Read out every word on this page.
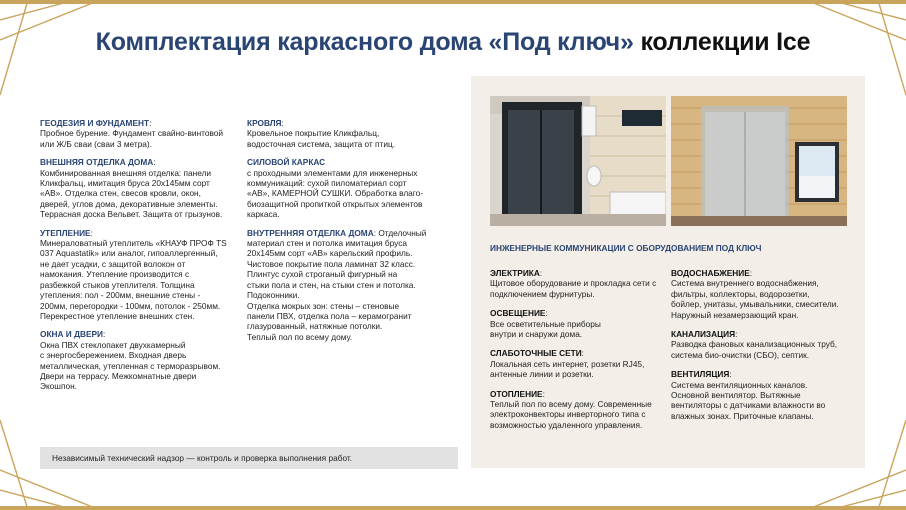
Комплектация каркасного дома «Под ключ» коллекции Ice
ГЕОДЕЗИЯ И ФУНДАМЕНТ:
Пробное бурение. Фундамент свайно-винтовой
или Ж/Б сваи (сваи 3 метра).
ВНЕШНЯЯ ОТДЕЛКА ДОМА:
Комбинированная внешняя отделка: панели
Кликфальц, имитация бруса 20х145мм сорт
«АВ». Отделка стен, свесов кровли, окон,
дверей, углов дома, декоративные элементы.
Террасная доска Вельвет. Защита от грызунов.
УТЕПЛЕНИЕ:
Минераловатный утеплитель «КНАУФ ПРОФ TS
037 Aquastatik» или аналог, гипоаллергенный,
не дает усадки, с защитой волокон от
намокания. Утепление производится с
разбежкой стыков утеплителя. Толщина
утепления: пол - 200мм, внешние стены -
200мм, перегородки - 100мм, потолок - 250мм.
Перекрестное утепление внешних стен.
ОКНА И ДВЕРИ:
Окна ПВХ стеклопакет двухкамерный
с энергосбережением. Входная дверь
металлическая, утепленная с терморазрывом.
Двери на террасу. Межкомнатные двери
Экошпон.
КРОВЛЯ:
Кровельное покрытие Кликфальц,
водосточная система, защита от птиц.
СИЛОВОЙ КАРКАС
с проходными элементами для инженерных
коммуникаций: сухой пиломатериал сорт
«АВ», КАМЕРНОЙ СУШКИ. Обработка влаго-
биозащитной пропиткой открытых элементов
каркаса.
ВНУТРЕННЯЯ ОТДЕЛКА ДОМА: Отделочный
материал стен и потолка имитация бруса
20х145мм сорт «АВ» карельский профиль.
Чистовое покрытие пола ламинат 32 класс.
Плинтус сухой строганый фигурный на
стыки пола и стен, на стыки стен и потолка.
Подоконники.
Отделка мокрых зон: стены – стеновые
панели ПВХ, отделка пола – керамогранит
глазурованный, натяжные потолки.
Теплый пол по всему дому.
Независимый технический надзор — контроль и проверка выполнения работ.
ИНЖЕНЕРНЫЕ КОММУНИКАЦИИ С ОБОРУДОВАНИЕМ ПОД КЛЮЧ
ЭЛЕКТРИКА:
Щитовое оборудование и прокладка сети с
подключением фурнитуры.
ОСВЕЩЕНИЕ:
Все осветительные приборы
внутри и снаружи дома.
СЛАБОТОЧНЫЕ СЕТИ:
Локальная сеть интернет, розетки RJ45,
антенные линии и розетки.
ОТОПЛЕНИЕ:
Теплый пол по всему дому. Современные
электроконвекторы инверторного типа с
возможностью удаленного управления.
ВОДОСНАБЖЕНИЕ:
Система внутреннего водоснабжения,
фильтры, коллекторы, водорозетки,
бойлер, унитазы, умывальники, смесители.
Наружный незамерзающий кран.
КАНАЛИЗАЦИЯ:
Разводка фановых канализационных труб,
система био-очистки (СБО), септик.
ВЕНТИЛЯЦИЯ:
Система вентиляционных каналов.
Основной вентилятор. Вытяжные
вентиляторы с датчиками влажности во
влажных зонах. Приточные клапаны.
